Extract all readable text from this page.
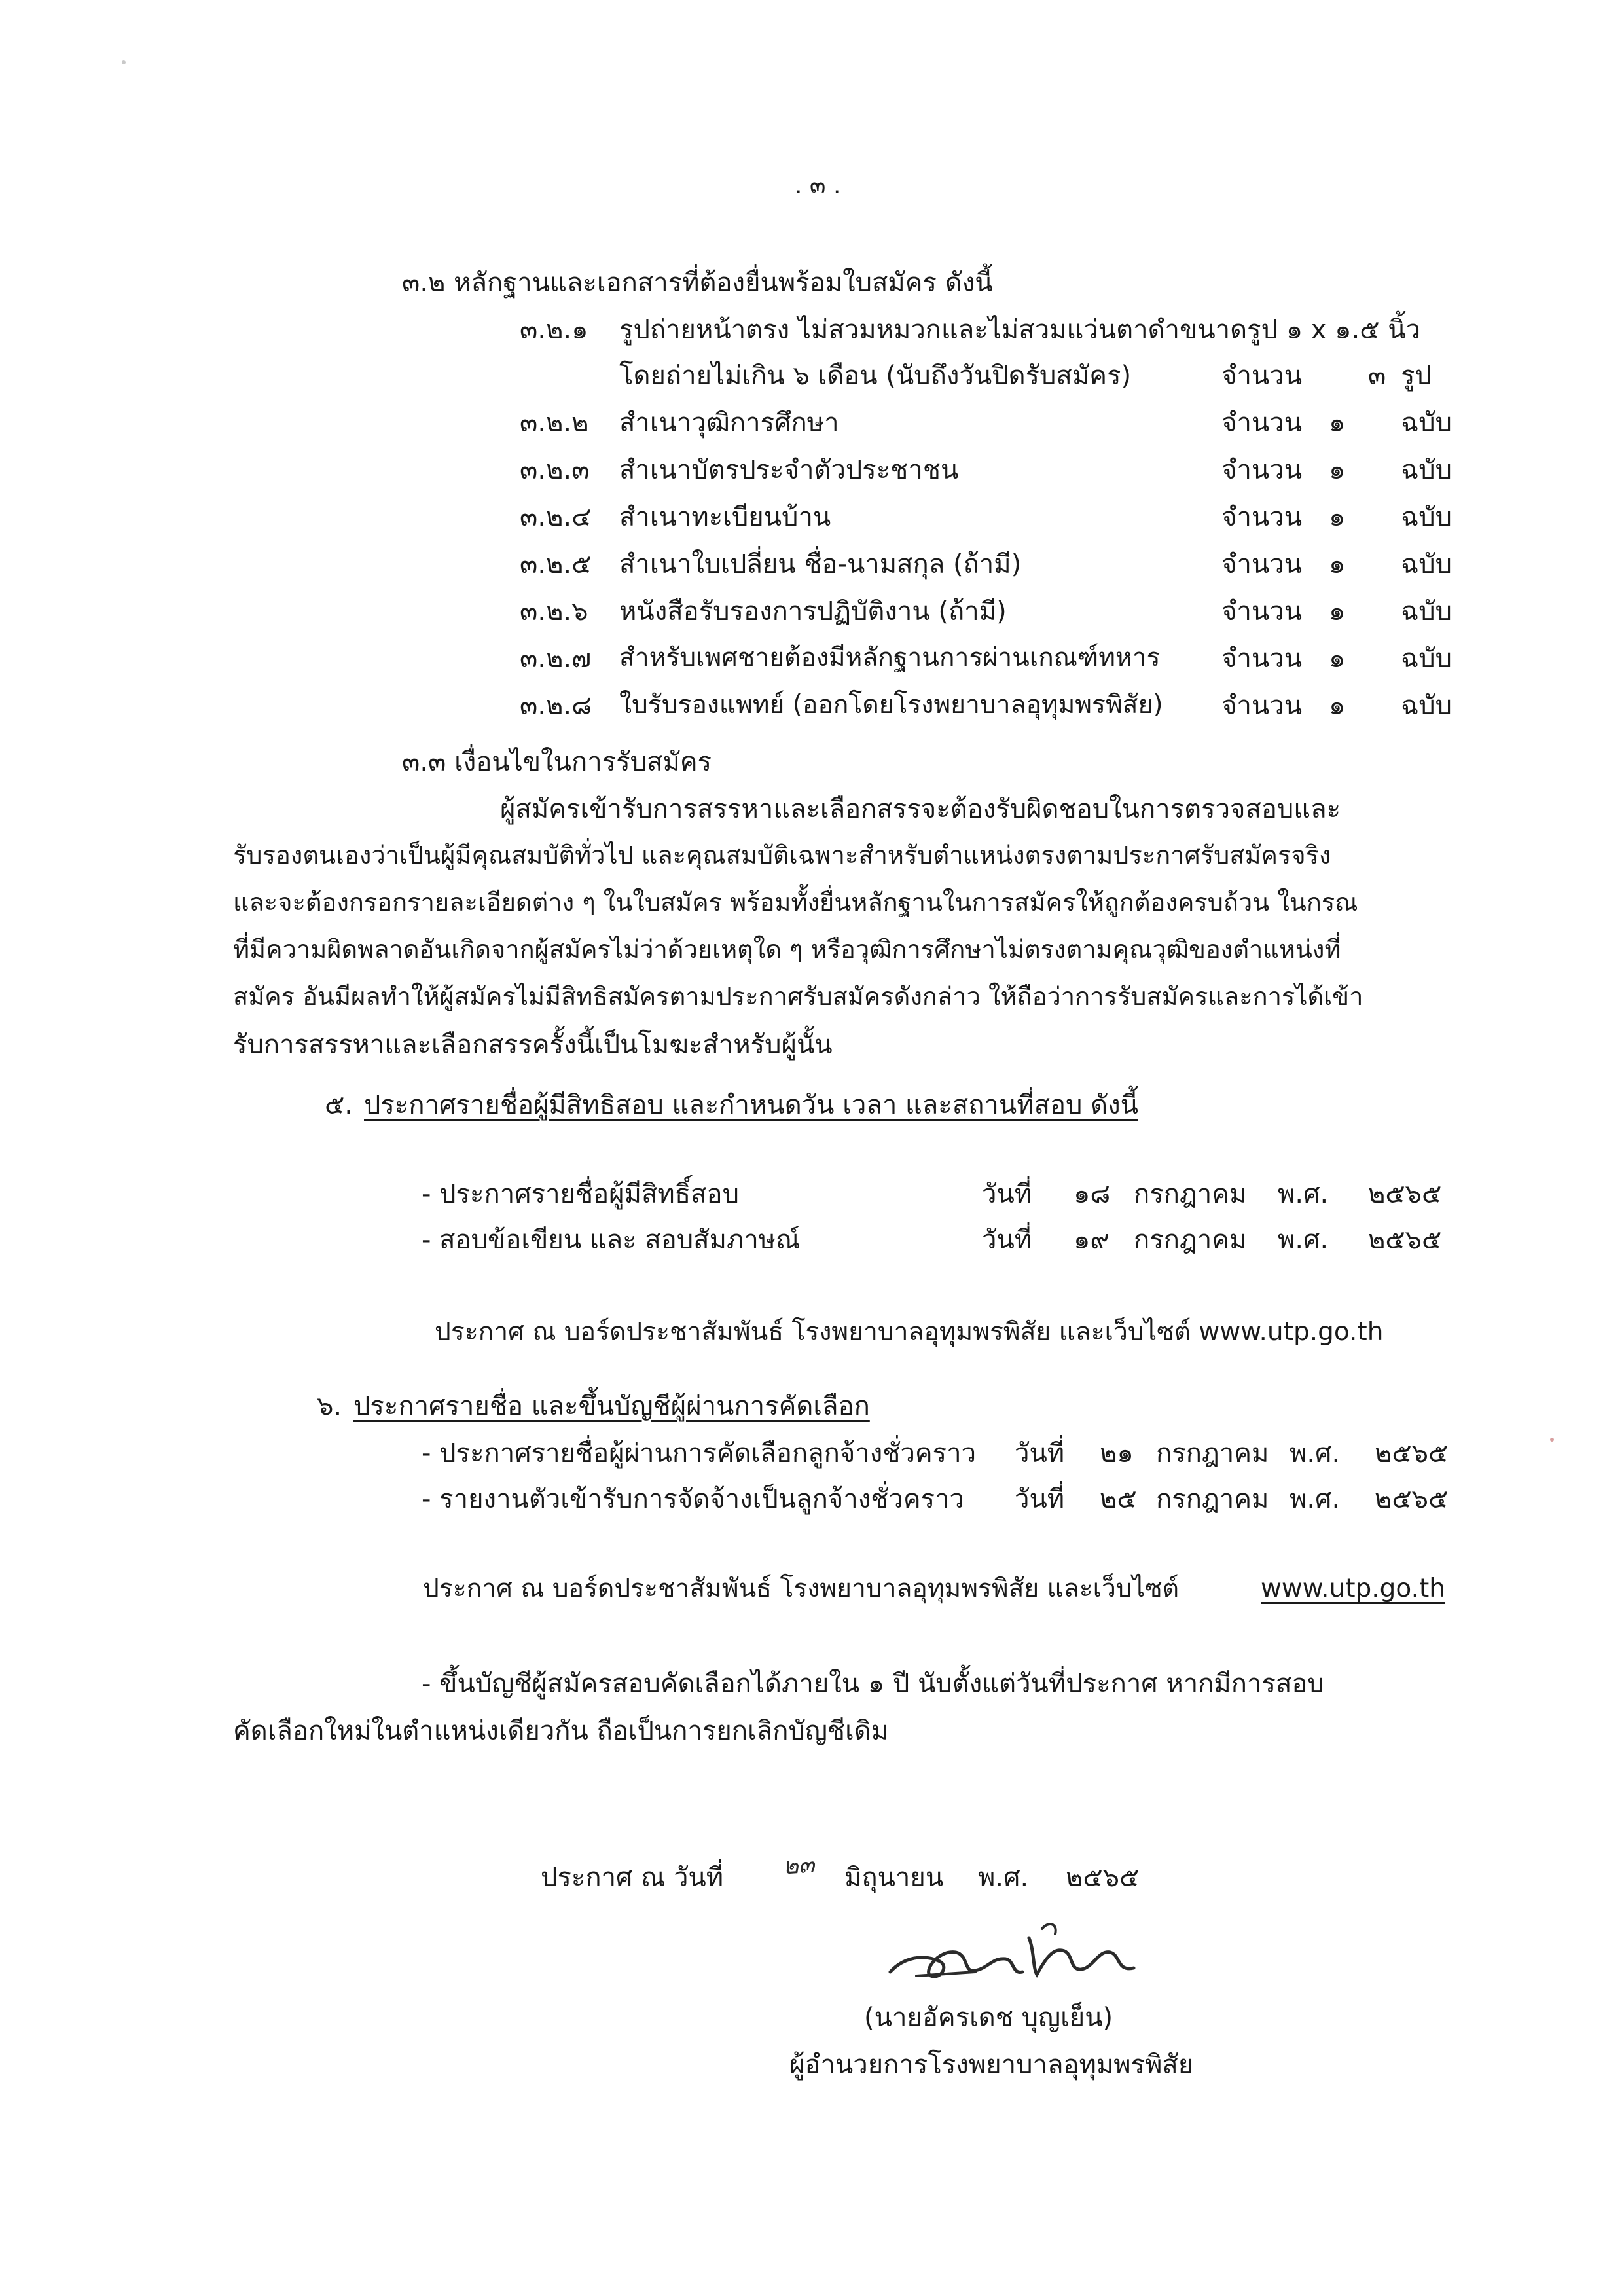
. ๓ .
๓.๒ หลักฐานและเอกสารที่ต้องยื่นพร้อมใบสมัคร ดังนี้
๓.๒.๑ รูปถ่ายหน้าตรง ไม่สวมหมวกและไม่สวมแว่นตาดำขนาดรูป ๑ x ๑.๕ นิ้ว
โดยถ่ายไม่เกิน ๖ เดือน (นับถึงวันปิดรับสมัคร)	จำนวน	๓ รูป
๓.๒.๒ สำเนาวุฒิการศึกษา	จำนวน ๑ ฉบับ
๓.๒.๓ สำเนาบัตรประจำตัวประชาชน	จำนวน ๑ ฉบับ
๓.๒.๔ สำเนาทะเบียนบ้าน	จำนวน ๑ ฉบับ
๓.๒.๕ สำเนาใบเปลี่ยน ชื่อ-นามสกุล (ถ้ามี)	จำนวน ๑ ฉบับ
๓.๒.๖ หนังสือรับรองการปฏิบัติงาน (ถ้ามี)	จำนวน ๑ ฉบับ
๓.๒.๗ สำหรับเพศชายต้องมีหลักฐานการผ่านเกณฑ์ทหาร จำนวน ๑ ฉบับ
๓.๒.๘ ใบรับรองแพทย์ (ออกโดยโรงพยาบาลอุทุมพรพิสัย) จำนวน ๑ ฉบับ
๓.๓ เงื่อนไขในการรับสมัคร
ผู้สมัครเข้ารับการสรรหาและเลือกสรรจะต้องรับผิดชอบในการตรวจสอบและ
รับรองตนเองว่าเป็นผู้มีคุณสมบัติทั่วไป และคุณสมบัติเฉพาะสำหรับตำแหน่งตรงตามประกาศรับสมัครจริง
และจะต้องกรอกรายละเอียดต่าง ๆ ในใบสมัคร พร้อมทั้งยื่นหลักฐานในการสมัครให้ถูกต้องครบถ้วน ในกรณ
ที่มีความผิดพลาดอันเกิดจากผู้สมัครไม่ว่าด้วยเหตุใด ๆ หรือวุฒิการศึกษาไม่ตรงตามคุณวุฒิของตำแหน่งที่
สมัคร อันมีผลทำให้ผู้สมัครไม่มีสิทธิสมัครตามประกาศรับสมัครดังกล่าว ให้ถือว่าการรับสมัครและการได้เข้า
รับการสรรหาและเลือกสรรครั้งนี้เป็นโมฆะสำหรับผู้นั้น
๕. ประกาศรายชื่อผู้มีสิทธิสอบ และกำหนดวัน เวลา และสถานที่สอบ ดังนี้
- ประกาศรายชื่อผู้มีสิทธิ์สอบ	วันที่ ๑๘ กรกฎาคม พ.ศ. ๒๕๖๕
- สอบข้อเขียน และ สอบสัมภาษณ์	วันที่ ๑๙ กรกฎาคม พ.ศ. ๒๕๖๕
ประกาศ ณ บอร์ดประชาสัมพันธ์ โรงพยาบาลอุทุมพรพิสัย และเว็บไซต์ www.utp.go.th
๖. ประกาศรายชื่อ และขึ้นบัญชีผู้ผ่านการคัดเลือก
- ประกาศรายชื่อผู้ผ่านการคัดเลือกลูกจ้างชั่วคราว วันที่ ๒๑ กรกฎาคม พ.ศ. ๒๕๖๕
- รายงานตัวเข้ารับการจัดจ้างเป็นลูกจ้างชั่วคราว วันที่ ๒๕ กรกฎาคม พ.ศ. ๒๕๖๕
ประกาศ ณ บอร์ดประชาสัมพันธ์ โรงพยาบาลอุทุมพรพิสัย และเว็บไซต์	www.utp.go.th
- ขึ้นบัญชีผู้สมัครสอบคัดเลือกได้ภายใน ๑ ปี นับตั้งแต่วันที่ประกาศ หากมีการสอบ
คัดเลือกใหม่ในตำแหน่งเดียวกัน ถือเป็นการยกเลิกบัญชีเดิม
ประกาศ ณ วันที่ ๒๓ มิถุนายน พ.ศ. ๒๕๖๕
(นายอัครเดช บุญเย็น)
ผู้อำนวยการโรงพยาบาลอุทุมพรพิสัย
